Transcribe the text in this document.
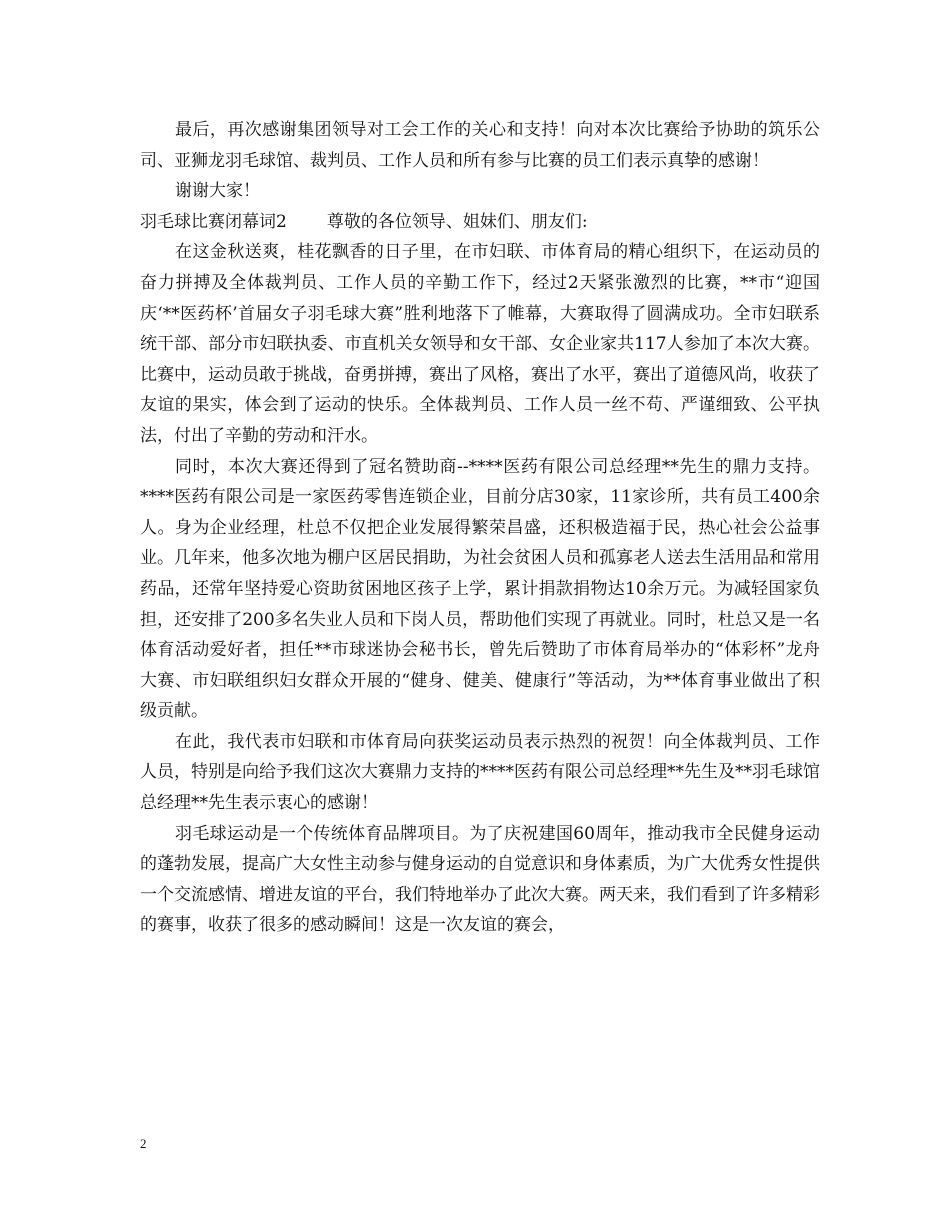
最后，再次感谢集团领导对工会工作的关心和支持！向对本次比赛给予协助的筑乐公司、亚狮龙羽毛球馆、裁判员、工作人员和所有参与比赛的员工们表示真挚的感谢！

谢谢大家！

羽毛球比赛闭幕词2 尊敬的各位领导、姐妹们、朋友们:

在这金秋送爽，桂花飘香的日子里，在市妇联、市体育局的精心组织下，在运动员的奋力拼搏及全体裁判员、工作人员的辛勤工作下，经过2天紧张激烈的比赛，**市“迎国庆‘**医药杯’首届女子羽毛球大赛”胜利地落下了帷幕，大赛取得了圆满成功。全市妇联系统干部、部分市妇联执委、市直机关女领导和女干部、女企业家共117人参加了本次大赛。比赛中，运动员敢于挑战，奋勇拼搏，赛出了风格，赛出了水平，赛出了道德风尚，收获了友谊的果实，体会到了运动的快乐。全体裁判员、工作人员一丝不苟、严谨细致、公平执法，付出了辛勤的劳动和汗水。

同时，本次大赛还得到了冠名赞助商--****医药有限公司总经理**先生的鼎力支持。****医药有限公司是一家医药零售连锁企业，目前分店30家，11家诊所，共有员工400余人。身为企业经理，杜总不仅把企业发展得繁荣昌盛，还积极造福于民，热心社会公益事业。几年来，他多次地为棚户区居民捐助，为社会贫困人员和孤寡老人送去生活用品和常用药品，还常年坚持爱心资助贫困地区孩子上学，累计捐款捐物达10余万元。为减轻国家负担，还安排了200多名失业人员和下岗人员，帮助他们实现了再就业。同时，杜总又是一名体育活动爱好者，担任**市球迷协会秘书长，曾先后赞助了市体育局举办的“体彩杯”龙舟大赛、市妇联组织妇女群众开展的“健身、健美、健康行”等活动，为**体育事业做出了积级贡献。

在此，我代表市妇联和市体育局向获奖运动员表示热烈的祝贺！向全体裁判员、工作人员，特别是向给予我们这次大赛鼎力支持的****医药有限公司总经理**先生及**羽毛球馆总经理**先生表示衷心的感谢！

羽毛球运动是一个传统体育品牌项目。为了庆祝建国60周年，推动我市全民健身运动的蓬勃发展，提高广大女性主动参与健身运动的自觉意识和身体素质，为广大优秀女性提供一个交流感情、增进友谊的平台，我们特地举办了此次大赛。两天来，我们看到了许多精彩的赛事，收获了很多的感动瞬间！这是一次友谊的赛会，

2
